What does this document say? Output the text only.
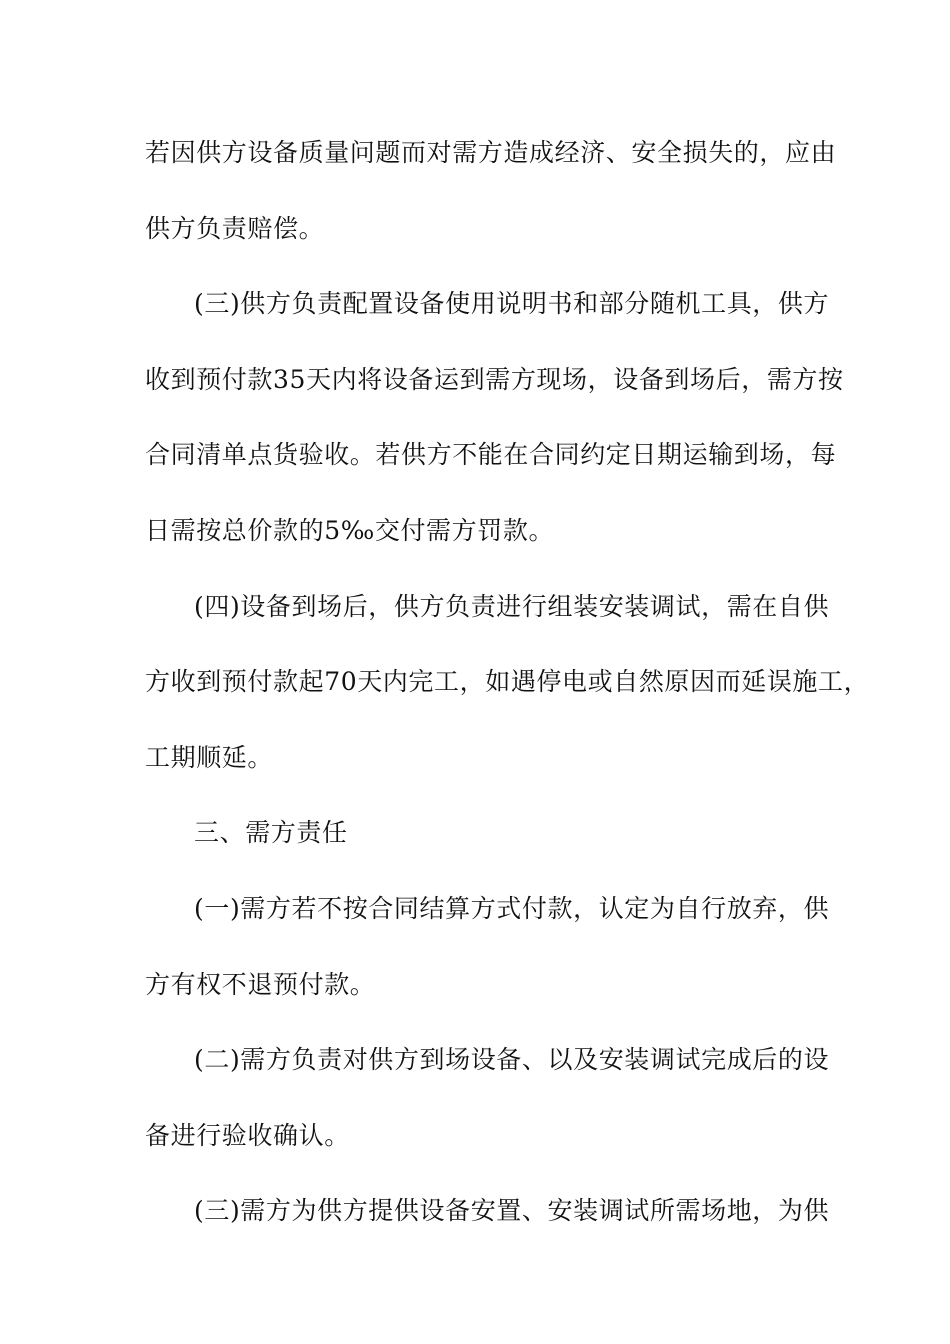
若因供方设备质量问题而对需方造成经济、安全损失的，应由
供方负责赔偿。
(三)供方负责配置设备使用说明书和部分随机工具，供方
收到预付款35天内将设备运到需方现场，设备到场后，需方按
合同清单点货验收。若供方不能在合同约定日期运输到场，每
日需按总价款的5‰交付需方罚款。
(四)设备到场后，供方负责进行组装安装调试，需在自供
方收到预付款起70天内完工，如遇停电或自然原因而延误施工，
工期顺延。
三、需方责任
(一)需方若不按合同结算方式付款，认定为自行放弃，供
方有权不退预付款。
(二)需方负责对供方到场设备、以及安装调试完成后的设
备进行验收确认。
(三)需方为供方提供设备安置、安装调试所需场地，为供
